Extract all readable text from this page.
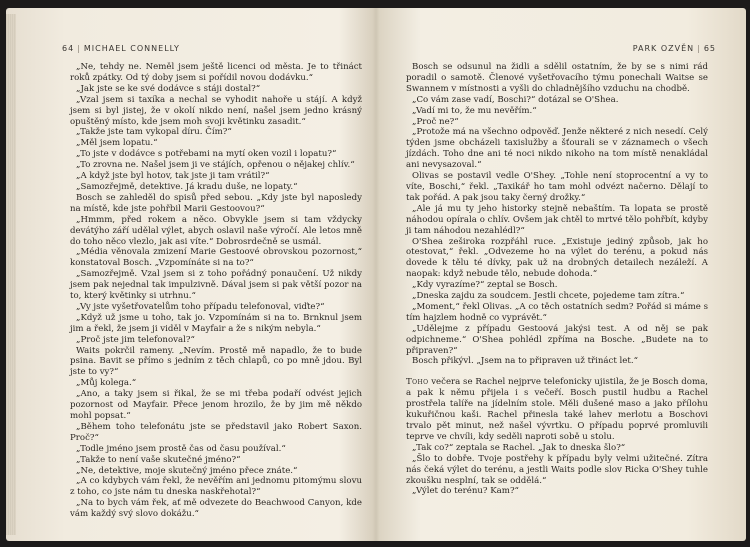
64 | MICHAEL CONNELLY

„Ne, tehdy ne. Neměl jsem ještě licenci od města. Je to třináct roků zpátky. Od tý doby jsem si pořídil novou dodávku.“

„Jak jste se ke své dodávce s stáji dostal?“

„Vzal jsem si taxíka a nechal se vyhodit nahoře u stájí. A když jsem si byl jistej, že v okolí nikdo není, našel jsem jedno krásný opuštěný místo, kde jsem moh svoji květinku zasadit.“

„Takže jste tam vykopal díru. Čím?“

„Měl jsem lopatu.“

„To jste v dodávce s potřebami na mytí oken vozil i lopatu?“

„To zrovna ne. Našel jsem ji ve stájích, opřenou o nějakej chlív.“

„A když jste byl hotov, tak jste ji tam vrátil?“

„Samozřejmě, detektive. Já kradu duše, ne lopaty.“

Bosch se zahleděl do spisů před sebou. „Kdy jste byl naposledy na místě, kde jste pohřbil Marii Gestoovou?“

„Hmmm, před rokem a něco. Obvykle jsem si tam vždycky devátýho září udělal výlet, abych oslavil naše výročí. Ale letos mně do toho něco vlezlo, jak asi víte.“ Dobrosrdečně se usmál.

„Média věnovala zmizení Marie Gestoové obrovskou pozornost,“ konstatoval Bosch. „Vzpomínáte si na to?“

„Samozřejmě. Vzal jsem si z toho pořádný ponaučení. Už nikdy jsem pak nejednal tak impulzivně. Dával jsem si pak větší pozor na to, který květinky si utrhnu.“

„Vy jste vyšetřovatelům toho případu telefonoval, viďte?“

„Když už jsme u toho, tak jo. Vzpomínám si na to. Brnknul jsem jim a řekl, že jsem ji viděl v Mayfair a že s nikým nebyla.“

„Proč jste jim telefonoval?“

Waits pokrčil rameny. „Nevím. Prostě mě napadlo, že to bude psina. Bavit se přímo s jedním z těch chlapů, co po mně jdou. Byl jste to vy?“

„Můj kolega.“

„Ano, a taky jsem si řikal, že se mi třeba podaří odvést jejich pozornost od Mayfair. Přece jenom hrozilo, že by jim mě někdo mohl popsat.“

„Během toho telefonátu jste se představil jako Robert Saxon. Proč?“

„Todle jméno jsem prostě čas od času používal.“

„Takže to není vaše skutečné jméno?“

„Ne, detektive, moje skutečný jméno přece znáte.“

„A co kdybych vám řekl, že nevěřím ani jednomu pitomýmu slovu z toho, co jste nám tu dneska naskřehotal?“

„Na to bych vám řek, ať mě odvezete do Beachwood Canyon, kde vám každý svý slovo dokážu.“

PARK OZVĚN | 65

Bosch se odsunul na židli a sdělil ostatním, že by se s nimi rád poradil o samotě. Členové vyšetřovacího týmu ponechali Waitse se Swannem v místnosti a vyšli do chladnějšího vzduchu na chodbě.

„Co vám zase vadí, Boschi?“ dotázal se O'Shea.

„Vadí mi to, že mu nevěřím.“

„Proč ne?“

„Protože má na všechno odpověď. Jenže některé z nich nesedí. Celý týden jsme obcházeli taxislužby a šťourali se v záznamech o všech jízdách. Toho dne ani té noci nikdo nikoho na tom místě nenakládal ani nevysazoval.“

Olivas se postavil vedle O'Shey. „Tohle není stoprocentní a vy to víte, Boschi,“ řekl. „Taxikář ho tam mohl odvézt načerno. Dělají to tak pořád. A pak jsou taky černý drožky.“

„Ale já mu ty jeho historky stejně nebaštím. Ta lopata se prostě náhodou opírala o chlív. Ovšem jak chtěl to mrtvé tělo pohřbít, kdyby ji tam náhodou nezahlédl?“

O'Shea zeširoka rozpřáhl ruce. „Existuje jediný způsob, jak ho otestovat,“ řekl. „Odvezeme ho na výlet do terénu, a pokud nás dovede k tělu té dívky, pak už na drobných detailech nezáleží. A naopak: když nebude tělo, nebude dohoda.“

„Kdy vyrazíme?“ zeptal se Bosch.

„Dneska zajdu za soudcem. Jestli chcete, pojedeme tam zítra.“

„Moment,“ řekl Olivas. „A co těch ostatních sedm? Pořád si máme s tím hajzlem hodně co vyprávět.“

„Udělejme z případu Gestoová jakýsi test. A od něj se pak odpichneme.“ O'Shea pohlédl zpříma na Bosche. „Budete na to připraven?“

Bosch přikývl. „Jsem na to připraven už třináct let.“

Toho večera se Rachel nejprve telefonicky ujistila, že je Bosch doma, a pak k němu přijela i s večeří. Bosch pustil hudbu a Rachel prostřela talíře na jídelním stole. Měli dušené maso a jako přílohu kukuřičnou kaši. Rachel přinesla také lahev merlotu a Boschovi trvalo pět minut, než našel vývrtku. O případu poprvé promluvili teprve ve chvíli, kdy seděli naproti sobě u stolu.

„Tak co?“ zeptala se Rachel. „Jak to dneska šlo?“

„Šlo to dobře. Tvoje postřehy k případu byly velmi užitečné. Zítra nás čeká výlet do terénu, a jestli Waits podle slov Ricka O'Shey tuhle zkoušku nesplní, tak se oddělá.“

„Výlet do terénu? Kam?“
